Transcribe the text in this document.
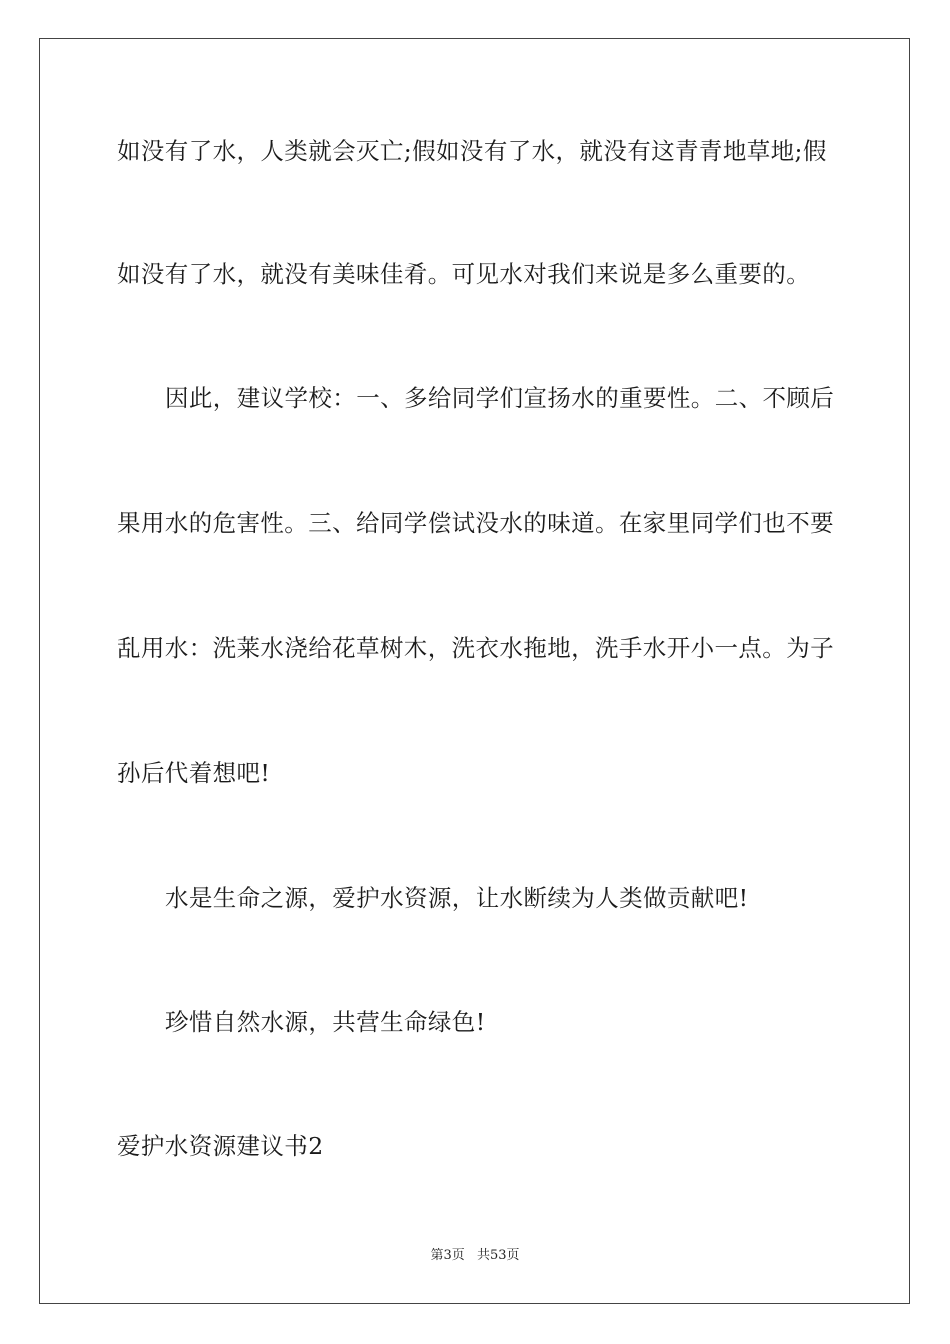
如没有了水，人类就会灭亡;假如没有了水，就没有这青青地草地;假
如没有了水，就没有美味佳肴。可见水对我们来说是多么重要的。
因此，建议学校：一、多给同学们宣扬水的重要性。二、不顾后
果用水的危害性。三、给同学偿试没水的味道。在家里同学们也不要
乱用水：洗莱水浇给花草树木，洗衣水拖地，洗手水开小一点。为子
孙后代着想吧!
水是生命之源，爱护水资源，让水断续为人类做贡献吧!
珍惜自然水源，共营生命绿色!
爱护水资源建议书2
第3页 共53页
